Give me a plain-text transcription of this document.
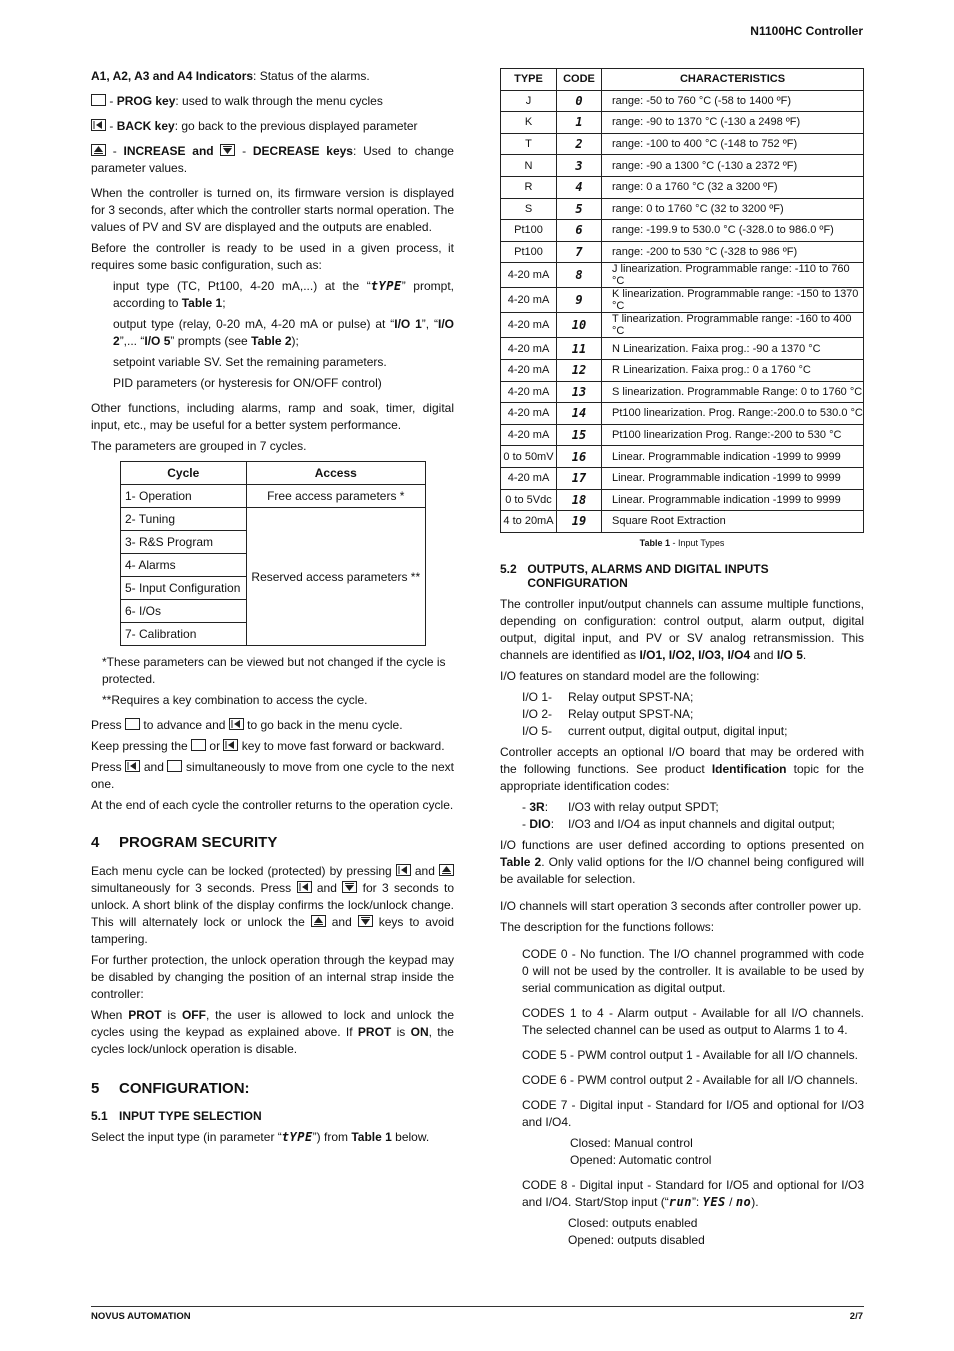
N1100HC Controller

A1, A2, A3 and A4 Indicators: Status of the alarms.

- PROG key: used to walk through the menu cycles

- BACK key: go back to the previous displayed parameter

- INCREASE and
- DECREASE keys: Used to change parameter values.

When the controller is turned on, its firmware version is displayed for 3 seconds, after which the controller starts normal operation. The values of PV and SV are displayed and the outputs are enabled.

Before the controller is ready to be used in a given process, it requires some basic configuration, such as:

input type (TC, Pt100, 4-20 mA,...) at the “tYPE” prompt, according to Table 1;

output type (relay, 0-20 mA, 4-20 mA or pulse) at “I/O 1”, “I/O 2”,... “I/O 5” prompts (see Table 2);

setpoint variable SV. Set the remaining parameters.

PID parameters (or hysteresis for ON/OFF control)

Other functions, including alarms, ramp and soak, timer, digital input, etc., may be useful for a better system performance.

The parameters are grouped in 7 cycles.

Cycle	Access
1- Operation	Free access parameters *
2- Tuning	Reserved access parameters **
3- R&S Program	
4- Alarms	
5- Input Configuration	
6- I/Os	
7- Calibration	

*These parameters can be viewed but not changed if the cycle is protected.

**Requires a key combination to access the cycle.

Press to advance and to go back in the menu cycle.

Keep pressing the or key to move fast forward or backward.

Press and simultaneously to move from one cycle to the next one.

At the end of each cycle the controller returns to the operation cycle.

4	PROGRAM SECURITY

Each menu cycle can be locked (protected) by pressing and
simultaneously for 3 seconds. Press and for 3 seconds to unlock. A short blink of the display confirms the lock/unlock change. This will alternately lock or unlock the and keys to avoid tampering.

For further protection, the unlock operation through the keypad may be disabled by changing the position of an internal strap inside the controller:

When PROT is OFF, the user is allowed to lock and unlock the cycles using the keypad as explained above. If PROT is ON, the cycles lock/unlock operation is disable.

5	CONFIGURATION:
5.1 INPUT TYPE SELECTION

Select the input type (in parameter “tYPE”) from Table 1 below.

TYPE	CODE	CHARACTERISTICS
J	0	range: -50 to 760 °C (-58 to 1400 ºF)
K	1	range: -90 to 1370 °C (-130 a 2498 ºF)
T	2	range: -100 to 400 °C (-148 to 752 ºF)
N	3	range: -90 a 1300 °C (-130 a 2372 ºF)
R	4	range: 0 a 1760 °C (32 a 3200 ºF)
S	5	range: 0 to 1760 °C (32 to 3200 ºF)
Pt100	6	range: -199.9 to 530.0 °C (-328.0 to 986.0 ºF)
Pt100	7	range: -200 to 530 °C (-328 to 986 ºF)
4-20 mA	8	J linearization. Programmable range: -110 to 760 °C
4-20 mA	9	K linearization. Programmable range: -150 to 1370 °C
4-20 mA	10	T linearization. Programmable range: -160 to 400 °C
4-20 mA	11	N Linearization. Faixa prog.: -90 a 1370 °C
4-20 mA	12	R Linearization. Faixa prog.: 0 a 1760 °C
4-20 mA	13	S linearization. Programmable Range: 0 to 1760 °C
4-20 mA	14	Pt100 linearization. Prog. Range:-200.0 to 530.0 °C
4-20 mA	15	Pt100 linearization Prog. Range:-200 to 530 °C
0 to 50mV	16	Linear. Programmable indication -1999 to 9999
4-20 mA	17	Linear. Programmable indication -1999 to 9999
0 to 5Vdc	18	Linear. Programmable indication -1999 to 9999
4 to 20mA	19	Square Root Extraction
Table 1 - Input Types
5.2 OUTPUTS, ALARMS AND DIGITAL INPUTS CONFIGURATION

The controller input/output channels can assume multiple functions, depending on configuration: control output, alarm output, digital output, digital input, and PV or SV analog retransmission. This channels are identified as I/O1, I/O2, I/O3, I/O4 and I/O 5.

I/O features on standard model are the following:

I/O 1-	Relay output SPST-NA;
I/O 2-	Relay output SPST-NA;
I/O 5-	current output, digital output, digital input;

Controller accepts an optional I/O board that may be ordered with the following functions. See product Identification topic for the appropriate identification codes:

- 3R:	I/O3 with relay output SPDT;
- DIO:	I/O3 and I/O4 as input channels and digital output;

I/O functions are user defined according to options presented on Table 2. Only valid options for the I/O channel being configured will be available for selection.

I/O channels will start operation 3 seconds after controller power up.

The description for the functions follows:

CODE 0 - No function. The I/O channel programmed with code 0 will not be used by the controller. It is available to be used by serial communication as digital output.

CODES 1 to 4 - Alarm output - Available for all I/O channels. The selected channel can be used as output to Alarms 1 to 4.

CODE 5 - PWM control output 1 - Available for all I/O channels.

CODE 6 - PWM control output 2 - Available for all I/O channels.

CODE 7 - Digital input - Standard for I/O5 and optional for I/O3 and I/O4.

Closed: Manual control
Opened: Automatic control

CODE 8 - Digital input - Standard for I/O5 and optional for I/O3 and I/O4. Start/Stop input (“run”: YES / no).

Closed: outputs enabled
Opened: outputs disabled
NOVUS AUTOMATION	2/7
